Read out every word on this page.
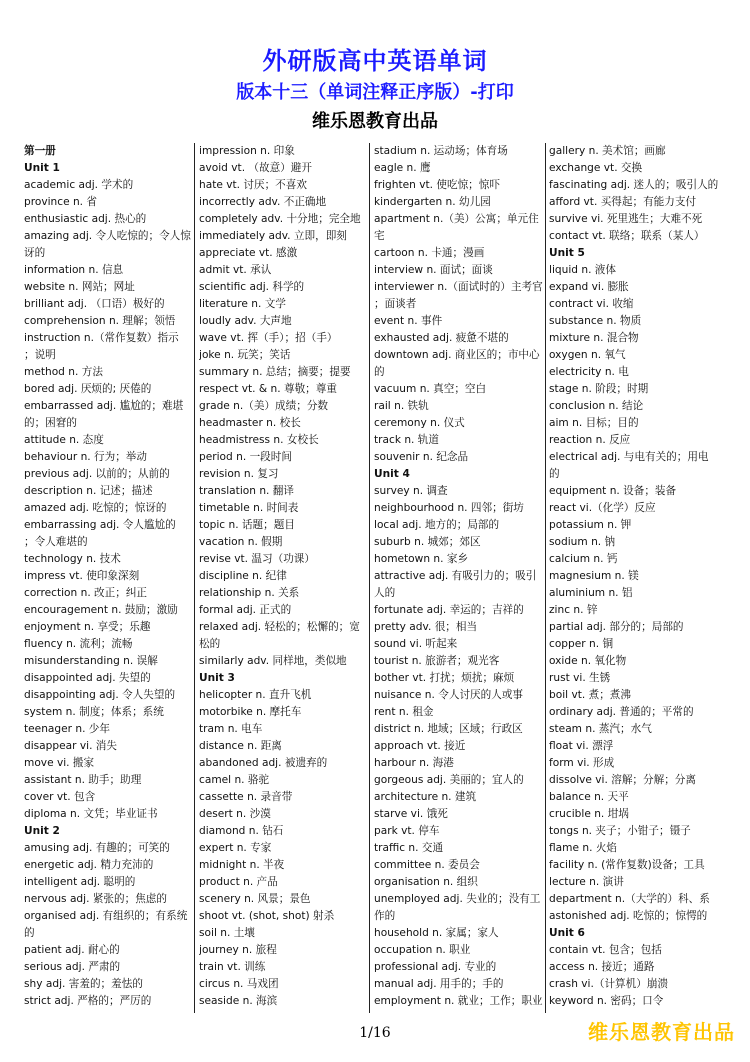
外研版高中英语单词
版本十三（单词注释正序版）-打印
维乐恩教育出品
第一册
Unit 1
academic adj. 学术的
province n. 省
enthusiastic adj. 热心的
amazing adj. 令人吃惊的；令人惊
讶的
information n. 信息
website n. 网站；网址
brilliant adj. （口语）极好的
comprehension n. 理解；领悟
instruction n.（常作复数）指示
；说明
method n. 方法
bored adj. 厌烦的; 厌倦的
embarrassed adj. 尴尬的；难堪
的；困窘的
attitude n. 态度
behaviour n. 行为；举动
previous adj. 以前的；从前的
description n. 记述；描述
amazed adj. 吃惊的；惊讶的
embarrassing adj. 令人尴尬的
；令人难堪的
technology n. 技术
impress vt. 使印象深刻
correction n. 改正；纠正
encouragement n. 鼓励；激励
enjoyment n. 享受；乐趣
fluency n. 流利；流畅
misunderstanding n. 误解
disappointed adj. 失望的
disappointing adj. 令人失望的
system n. 制度；体系；系统
teenager n. 少年
disappear vi. 消失
move vi. 搬家
assistant n. 助手；助理
cover vt. 包含
diploma n. 文凭；毕业证书
Unit 2
amusing adj. 有趣的；可笑的
energetic adj. 精力充沛的
intelligent adj. 聪明的
nervous adj. 紧张的；焦虑的
organised adj. 有组织的；有系统
的
patient adj. 耐心的
serious adj. 严肃的
shy adj. 害羞的；羞怯的
strict adj. 严格的；严厉的
impression n. 印象
avoid vt. （故意）避开
hate vt. 讨厌；不喜欢
incorrectly adv. 不正确地
completely adv. 十分地；完全地
immediately adv. 立即，即刻
appreciate vt. 感激
admit vt. 承认
scientific adj. 科学的
literature n. 文学
loudly adv. 大声地
wave vt. 挥（手）；招（手）
joke n. 玩笑；笑话
summary n. 总结；摘要；提要
respect vt. & n. 尊敬；尊重
grade n.（美）成绩；分数
headmaster n. 校长
headmistress n. 女校长
period n. 一段时间
revision n. 复习
translation n. 翻译
timetable n. 时间表
topic n. 话题；题目
vacation n. 假期
revise vt. 温习（功课）
discipline n. 纪律
relationship n. 关系
formal adj. 正式的
relaxed adj. 轻松的；松懈的；宽
松的
similarly adv. 同样地，类似地
Unit 3
helicopter n. 直升飞机
motorbike n. 摩托车
tram n. 电车
distance n. 距离
abandoned adj. 被遗弃的
camel n. 骆驼
cassette n. 录音带
desert n. 沙漠
diamond n. 钻石
expert n. 专家
midnight n. 半夜
product n. 产品
scenery n. 风景；景色
shoot vt. (shot, shot) 射杀
soil n. 土壤
journey n. 旅程
train vt. 训练
circus n. 马戏团
seaside n. 海滨
stadium n. 运动场；体育场
eagle n. 鹰
frighten vt. 使吃惊；惊吓
kindergarten n. 幼儿园
apartment n.（美）公寓；单元住
宅
cartoon n. 卡通；漫画
interview n. 面试；面谈
interviewer n.（面试时的）主考官
；面谈者
event n. 事件
exhausted adj. 疲惫不堪的
downtown adj. 商业区的；市中心
的
vacuum n. 真空；空白
rail n. 铁轨
ceremony n. 仪式
track n. 轨道
souvenir n. 纪念品
Unit 4
survey n. 调查
neighbourhood n. 四邻；街坊
local adj. 地方的；局部的
suburb n. 城郊；郊区
hometown n. 家乡
attractive adj. 有吸引力的；吸引
人的
fortunate adj. 幸运的；吉祥的
pretty adv. 很；相当
sound vi. 听起来
tourist n. 旅游者；观光客
bother vt. 打扰；烦扰；麻烦
nuisance n. 令人讨厌的人或事
rent n. 租金
district n. 地域；区域；行政区
approach vt. 接近
harbour n. 海港
gorgeous adj. 美丽的；宜人的
architecture n. 建筑
starve vi. 饿死
park vt. 停车
traffic n. 交通
committee n. 委员会
organisation n. 组织
unemployed adj. 失业的；没有工
作的
household n. 家属；家人
occupation n. 职业
professional adj. 专业的
manual adj. 用手的；手的
employment n. 就业；工作；职业
gallery n. 美术馆；画廊
exchange vt. 交换
fascinating adj. 迷人的；吸引人的
afford vt. 买得起；有能力支付
survive vi. 死里逃生；大难不死
contact vt. 联络；联系（某人）
Unit 5
liquid n. 液体
expand vi. 膨胀
contract vi. 收缩
substance n. 物质
mixture n. 混合物
oxygen n. 氧气
electricity n. 电
stage n. 阶段；时期
conclusion n. 结论
aim n. 目标；目的
reaction n. 反应
electrical adj. 与电有关的；用电
的
equipment n. 设备；装备
react vi.（化学）反应
potassium n. 钾
sodium n. 钠
calcium n. 钙
magnesium n. 镁
aluminium n. 铝
zinc n. 锌
partial adj. 部分的；局部的
copper n. 铜
oxide n. 氧化物
rust vi. 生锈
boil vt. 煮；煮沸
ordinary adj. 普通的；平常的
steam n. 蒸汽；水气
float vi. 漂浮
form vi. 形成
dissolve vi. 溶解；分解；分离
balance n. 天平
crucible n. 坩埚
tongs n. 夹子；小钳子；镊子
flame n. 火焰
facility n. (常作复数)设备；工具
lecture n. 演讲
department n.（大学的）科、系
astonished adj. 吃惊的；惊愕的
Unit 6
contain vt. 包含；包括
access n. 接近；通路
crash vi.（计算机）崩溃
keyword n. 密码；口令
1/16	维乐恩教育出品
